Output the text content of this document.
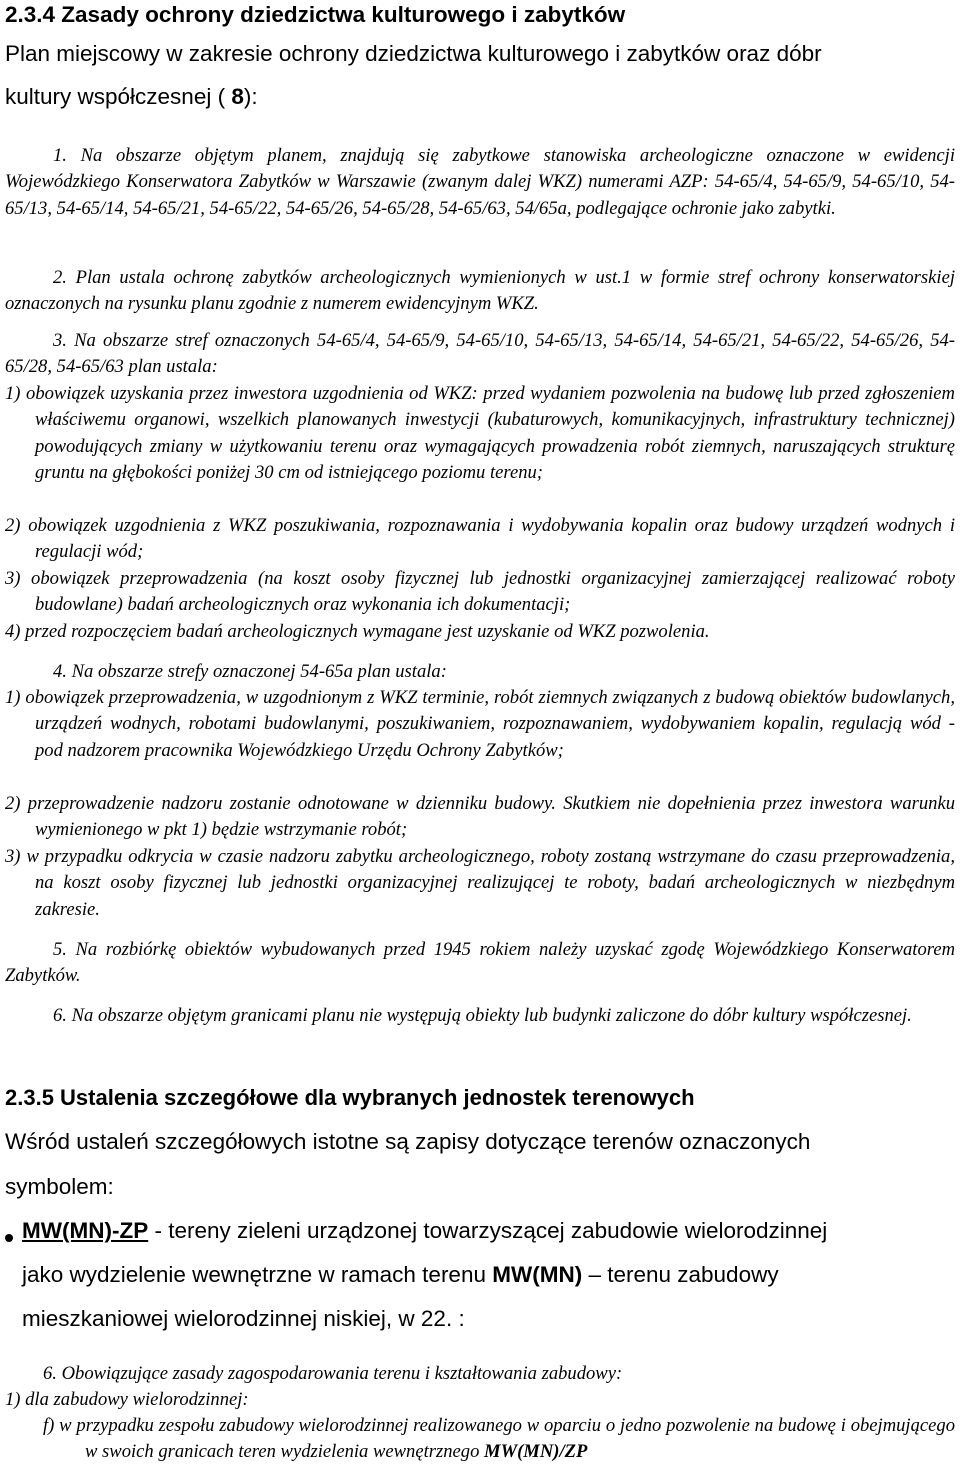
2.3.4 Zasady ochrony dziedzictwa kulturowego i zabytków
Plan miejscowy w zakresie ochrony dziedzictwa kulturowego i zabytków oraz dóbr
kultury współczesnej ( 8):

1. Na obszarze objętym planem, znajdują się zabytkowe stanowiska archeologiczne oznaczone w ewidencji Wojewódzkiego Konserwatora Zabytków w Warszawie (zwanym dalej WKZ) numerami AZP: 54-65/4, 54-65/9, 54-65/10, 54-65/13, 54-65/14, 54-65/21, 54-65/22, 54-65/26, 54-65/28, 54-65/63, 54/65a, podlegające ochronie jako zabytki.

2. Plan ustala ochronę zabytków archeologicznych wymienionych w ust.1 w formie stref ochrony konserwatorskiej oznaczonych na rysunku planu zgodnie z numerem ewidencyjnym WKZ.

3. Na obszarze stref oznaczonych 54-65/4, 54-65/9, 54-65/10, 54-65/13, 54-65/14, 54-65/21, 54-65/22, 54-65/26, 54-65/28, 54-65/63 plan ustala:

1) obowiązek uzyskania przez inwestora uzgodnienia od WKZ: przed wydaniem pozwolenia na budowę lub przed zgłoszeniem właściwemu organowi, wszelkich planowanych inwestycji (kubaturowych, komunikacyjnych, infrastruktury technicznej) powodujących zmiany w użytkowaniu terenu oraz wymagających prowadzenia robót ziemnych, naruszających strukturę gruntu na głębokości poniżej 30 cm od istniejącego poziomu terenu;

2) obowiązek uzgodnienia z WKZ poszukiwania, rozpoznawania i wydobywania kopalin oraz budowy urządzeń wodnych i regulacji wód;

3) obowiązek przeprowadzenia (na koszt osoby fizycznej lub jednostki organizacyjnej zamierzającej realizować roboty budowlane) badań archeologicznych oraz wykonania ich dokumentacji;

4) przed rozpoczęciem badań archeologicznych wymagane jest uzyskanie od WKZ pozwolenia.

4. Na obszarze strefy oznaczonej 54-65a plan ustala:

1) obowiązek przeprowadzenia, w uzgodnionym z WKZ terminie, robót ziemnych związanych z budową obiektów budowlanych, urządzeń wodnych, robotami budowlanymi, poszukiwaniem, rozpoznawaniem, wydobywaniem kopalin, regulacją wód - pod nadzorem pracownika Wojewódzkiego Urzędu Ochrony Zabytków;

2) przeprowadzenie nadzoru zostanie odnotowane w dzienniku budowy. Skutkiem nie dopełnienia przez inwestora warunku wymienionego w pkt 1) będzie wstrzymanie robót;

3) w przypadku odkrycia w czasie nadzoru zabytku archeologicznego, roboty zostaną wstrzymane do czasu przeprowadzenia, na koszt osoby fizycznej lub jednostki organizacyjnej realizującej te roboty, badań archeologicznych w niezbędnym zakresie.

5. Na rozbiórkę obiektów wybudowanych przed 1945 rokiem należy uzyskać zgodę Wojewódzkiego Konserwatorem Zabytków.

6. Na obszarze objętym granicami planu nie występują obiekty lub budynki zaliczone do dóbr kultury współczesnej.

2.3.5 Ustalenia szczegółowe dla wybranych jednostek terenowych
Wśród ustaleń szczegółowych istotne są zapisy dotyczące terenów oznaczonych
symbolem:
MW(MN)-ZP - tereny zieleni urządzonej towarzyszącej zabudowie wielorodzinnej
jako wydzielenie wewnętrzne w ramach terenu MW(MN) – terenu zabudowy
mieszkaniowej wielorodzinnej niskiej, w 22. :

6. Obowiązujące zasady zagospodarowania terenu i kształtowania zabudowy:

1) dla zabudowy wielorodzinnej:

f) w przypadku zespołu zabudowy wielorodzinnej realizowanego w oparciu o jedno pozwolenie na budowę i obejmującego w swoich granicach teren wydzielenia wewnętrznego MW(MN)/ZP
